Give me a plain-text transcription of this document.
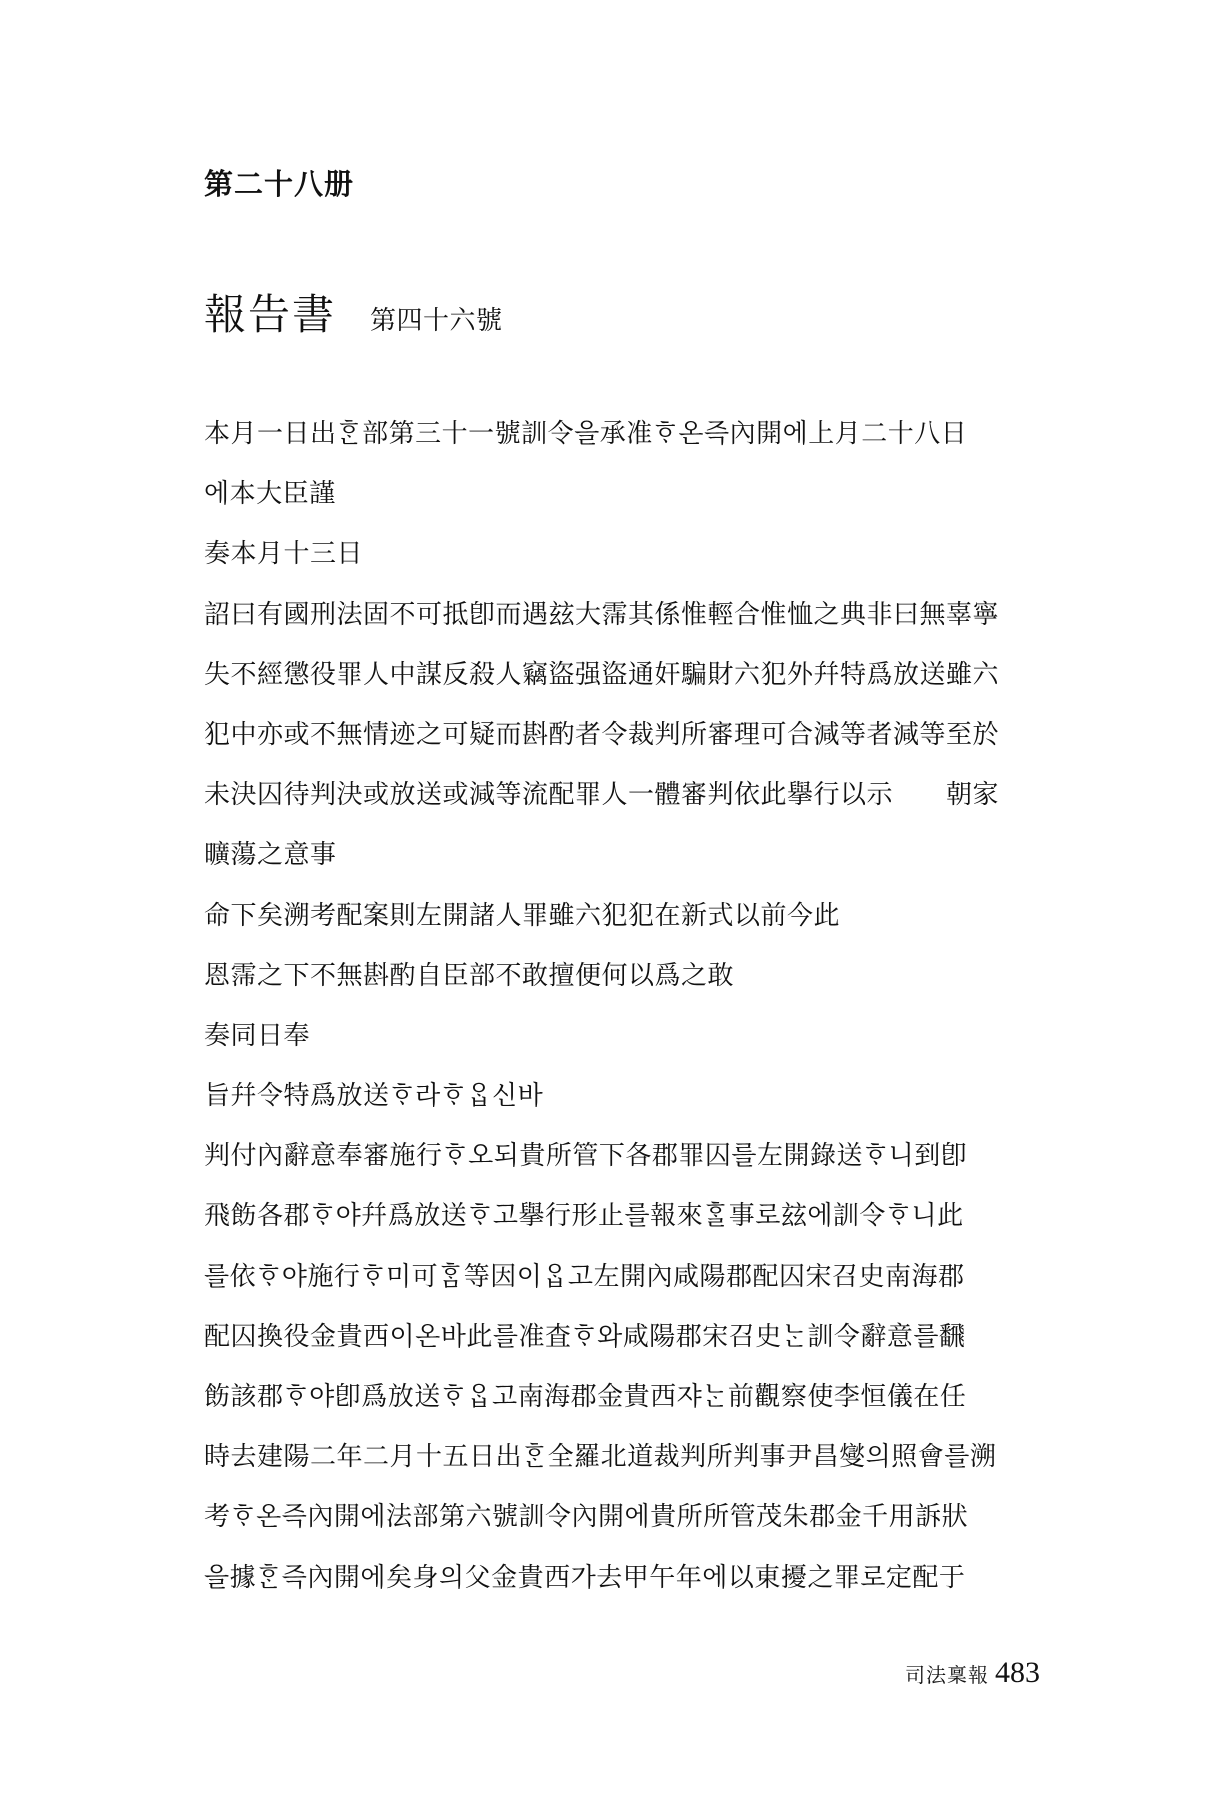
第二十八册
報告書 第四十六號
本月一日出ᄒᆞᆫ部第三十一號訓令을承准ᄒᆞ온즉內開에上月二十八日
에本大臣謹
奏本月十三日
詔曰有國刑法固不可抵卽而遇玆大霈其係惟輕合惟恤之典非曰無辜寧
失不經懲役罪人中謀反殺人竊盜强盜通奸騙財六犯外幷特爲放送雖六
犯中亦或不無情迹之可疑而斟酌者令裁判所審理可合減等者減等至於
未決囚待判決或放送或減等流配罪人一體審判依此擧行以示　　朝家
曠蕩之意事
命下矣溯考配案則左開諸人罪雖六犯犯在新式以前今此
恩霈之下不無斟酌自臣部不敢擅便何以爲之敢
奏同日奉
旨幷令特爲放送ᄒᆞ라ᄒᆞᄋᆞᆸ신바
判付內辭意奉審施行ᄒᆞ오되貴所管下各郡罪囚를左開錄送ᄒᆞ니到卽
飛飭各郡ᄒᆞ야幷爲放送ᄒᆞ고擧行形止를報來ᄒᆞᆯ事로玆에訓令ᄒᆞ니此
를依ᄒᆞ야施行ᄒᆞ미可ᄒᆞᆷ等因이ᄋᆞᆸ고左開內咸陽郡配囚宋召史南海郡
配囚換役金貴西이온바此를准査ᄒᆞ와咸陽郡宋召史ᄂᆞᆫ訓令辭意를飜
飭該郡ᄒᆞ야卽爲放送ᄒᆞᄋᆞᆸ고南海郡金貴西쟈ᄂᆞᆫ前觀察使李恒儀在任
時去建陽二年二月十五日出ᄒᆞᆫ全羅北道裁判所判事尹昌燮의照會를溯
考ᄒᆞ온즉內開에法部第六號訓令內開에貴所所管茂朱郡金千用訴狀
을據ᄒᆞᆫ즉內開에矣身의父金貴西가去甲午年에以東擾之罪로定配于
司法稟報 483
